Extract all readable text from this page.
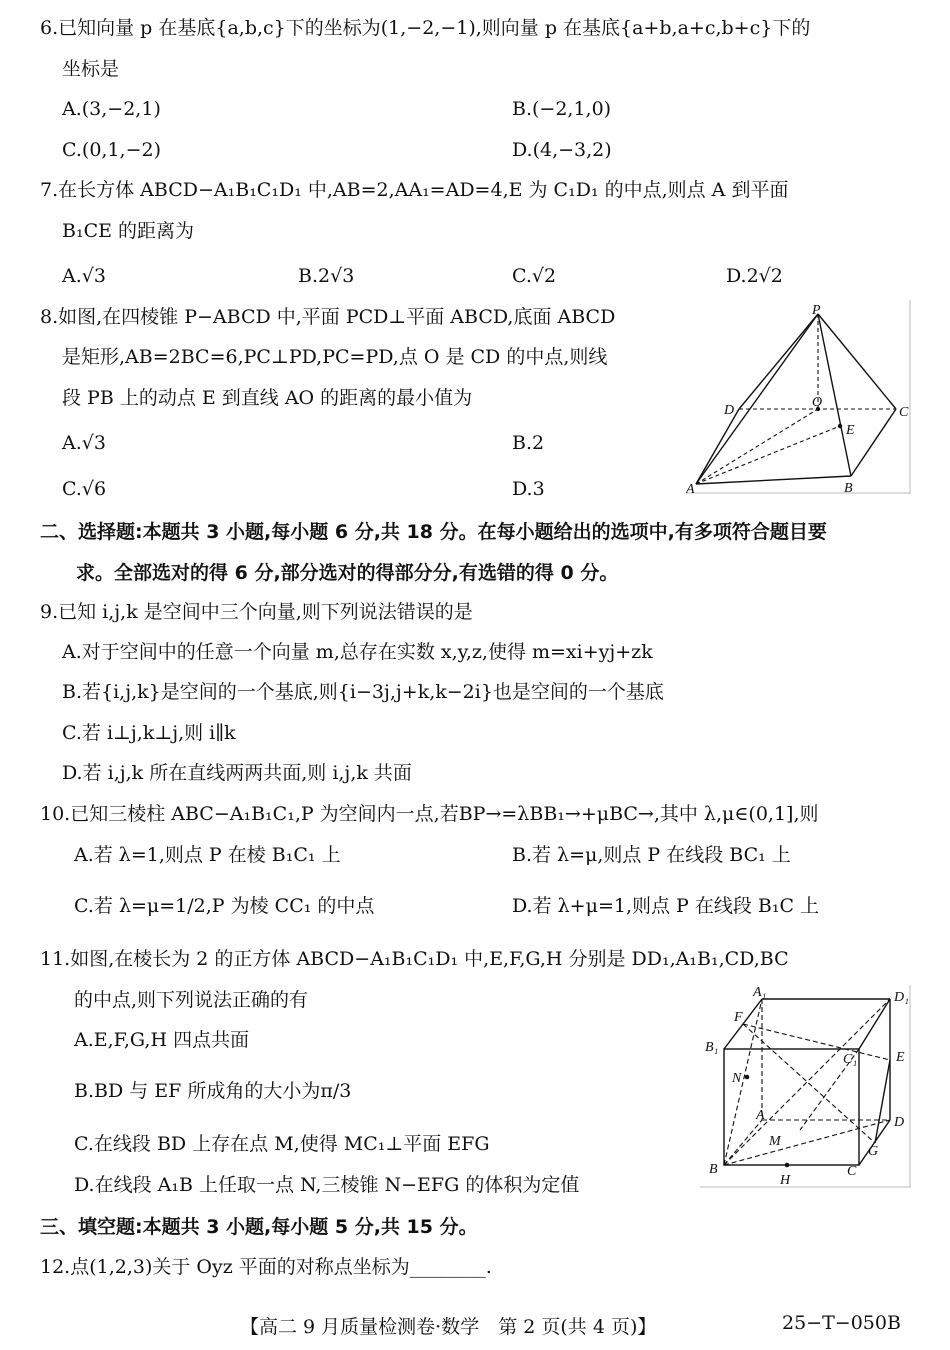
6.已知向量 p 在基底{a,b,c}下的坐标为(1,−2,−1),则向量 p 在基底{a+b,a+c,b+c}下的
坐标是
A.(3,−2,1)	B.(−2,1,0)
C.(0,1,−2)	D.(4,−3,2)
7.在长方体 ABCD−A₁B₁C₁D₁ 中,AB=2,AA₁=AD=4,E 为 C₁D₁ 的中点,则点 A 到平面
B₁CE 的距离为
A.√3	B.2√3	C.√2	D.2√2
8.如图,在四棱锥 P−ABCD 中,平面 PCD⊥平面 ABCD,底面 ABCD
是矩形,AB=2BC=6,PC⊥PD,PC=PD,点 O 是 CD 的中点,则线
段 PB 上的动点 E 到直线 AO 的距离的最小值为
A.√3	B.2
C.√6	D.3
P
D
O
C
E
A	B
二、选择题:本题共 3 小题,每小题 6 分,共 18 分。在每小题给出的选项中,有多项符合题目要
求。全部选对的得 6 分,部分选对的得部分分,有选错的得 0 分。
9.已知 i,j,k 是空间中三个向量,则下列说法错误的是
A.对于空间中的任意一个向量 m,总存在实数 x,y,z,使得 m=xi+yj+zk
B.若{i,j,k}是空间的一个基底,则{i−3j,j+k,k−2i}也是空间的一个基底
C.若 i⊥j,k⊥j,则 i∥k
D.若 i,j,k 所在直线两两共面,则 i,j,k 共面
10.已知三棱柱 ABC−A₁B₁C₁,P 为空间内一点,若BP→=λBB₁→+μBC→,其中 λ,μ∈(0,1],则
A.若 λ=1,则点 P 在棱 B₁C₁ 上	B.若 λ=μ,则点 P 在线段 BC₁ 上
C.若 λ=μ=1/2,P 为棱 CC₁ 的中点	D.若 λ+μ=1,则点 P 在线段 B₁C 上
11.如图,在棱长为 2 的正方体 ABCD−A₁B₁C₁D₁ 中,E,F,G,H 分别是 DD₁,A₁B₁,CD,BC
的中点,则下列说法正确的有
A.E,F,G,H 四点共面
B.BD 与 EF 所成角的大小为π/3
C.在线段 BD 上存在点 M,使得 MC₁⊥平面 EFG
D.在线段 A₁B 上任取一点 N,三棱锥 N−EFG 的体积为定值
A₁	D₁
F
B₁
C₁	E
N
A	D
M
G
B	C
H
三、填空题:本题共 3 小题,每小题 5 分,共 15 分。
12.点(1,2,3)关于 Oyz 平面的对称点坐标为________.
【高二 9 月质量检测卷·数学　第 2 页(共 4 页)】	25−T−050B
